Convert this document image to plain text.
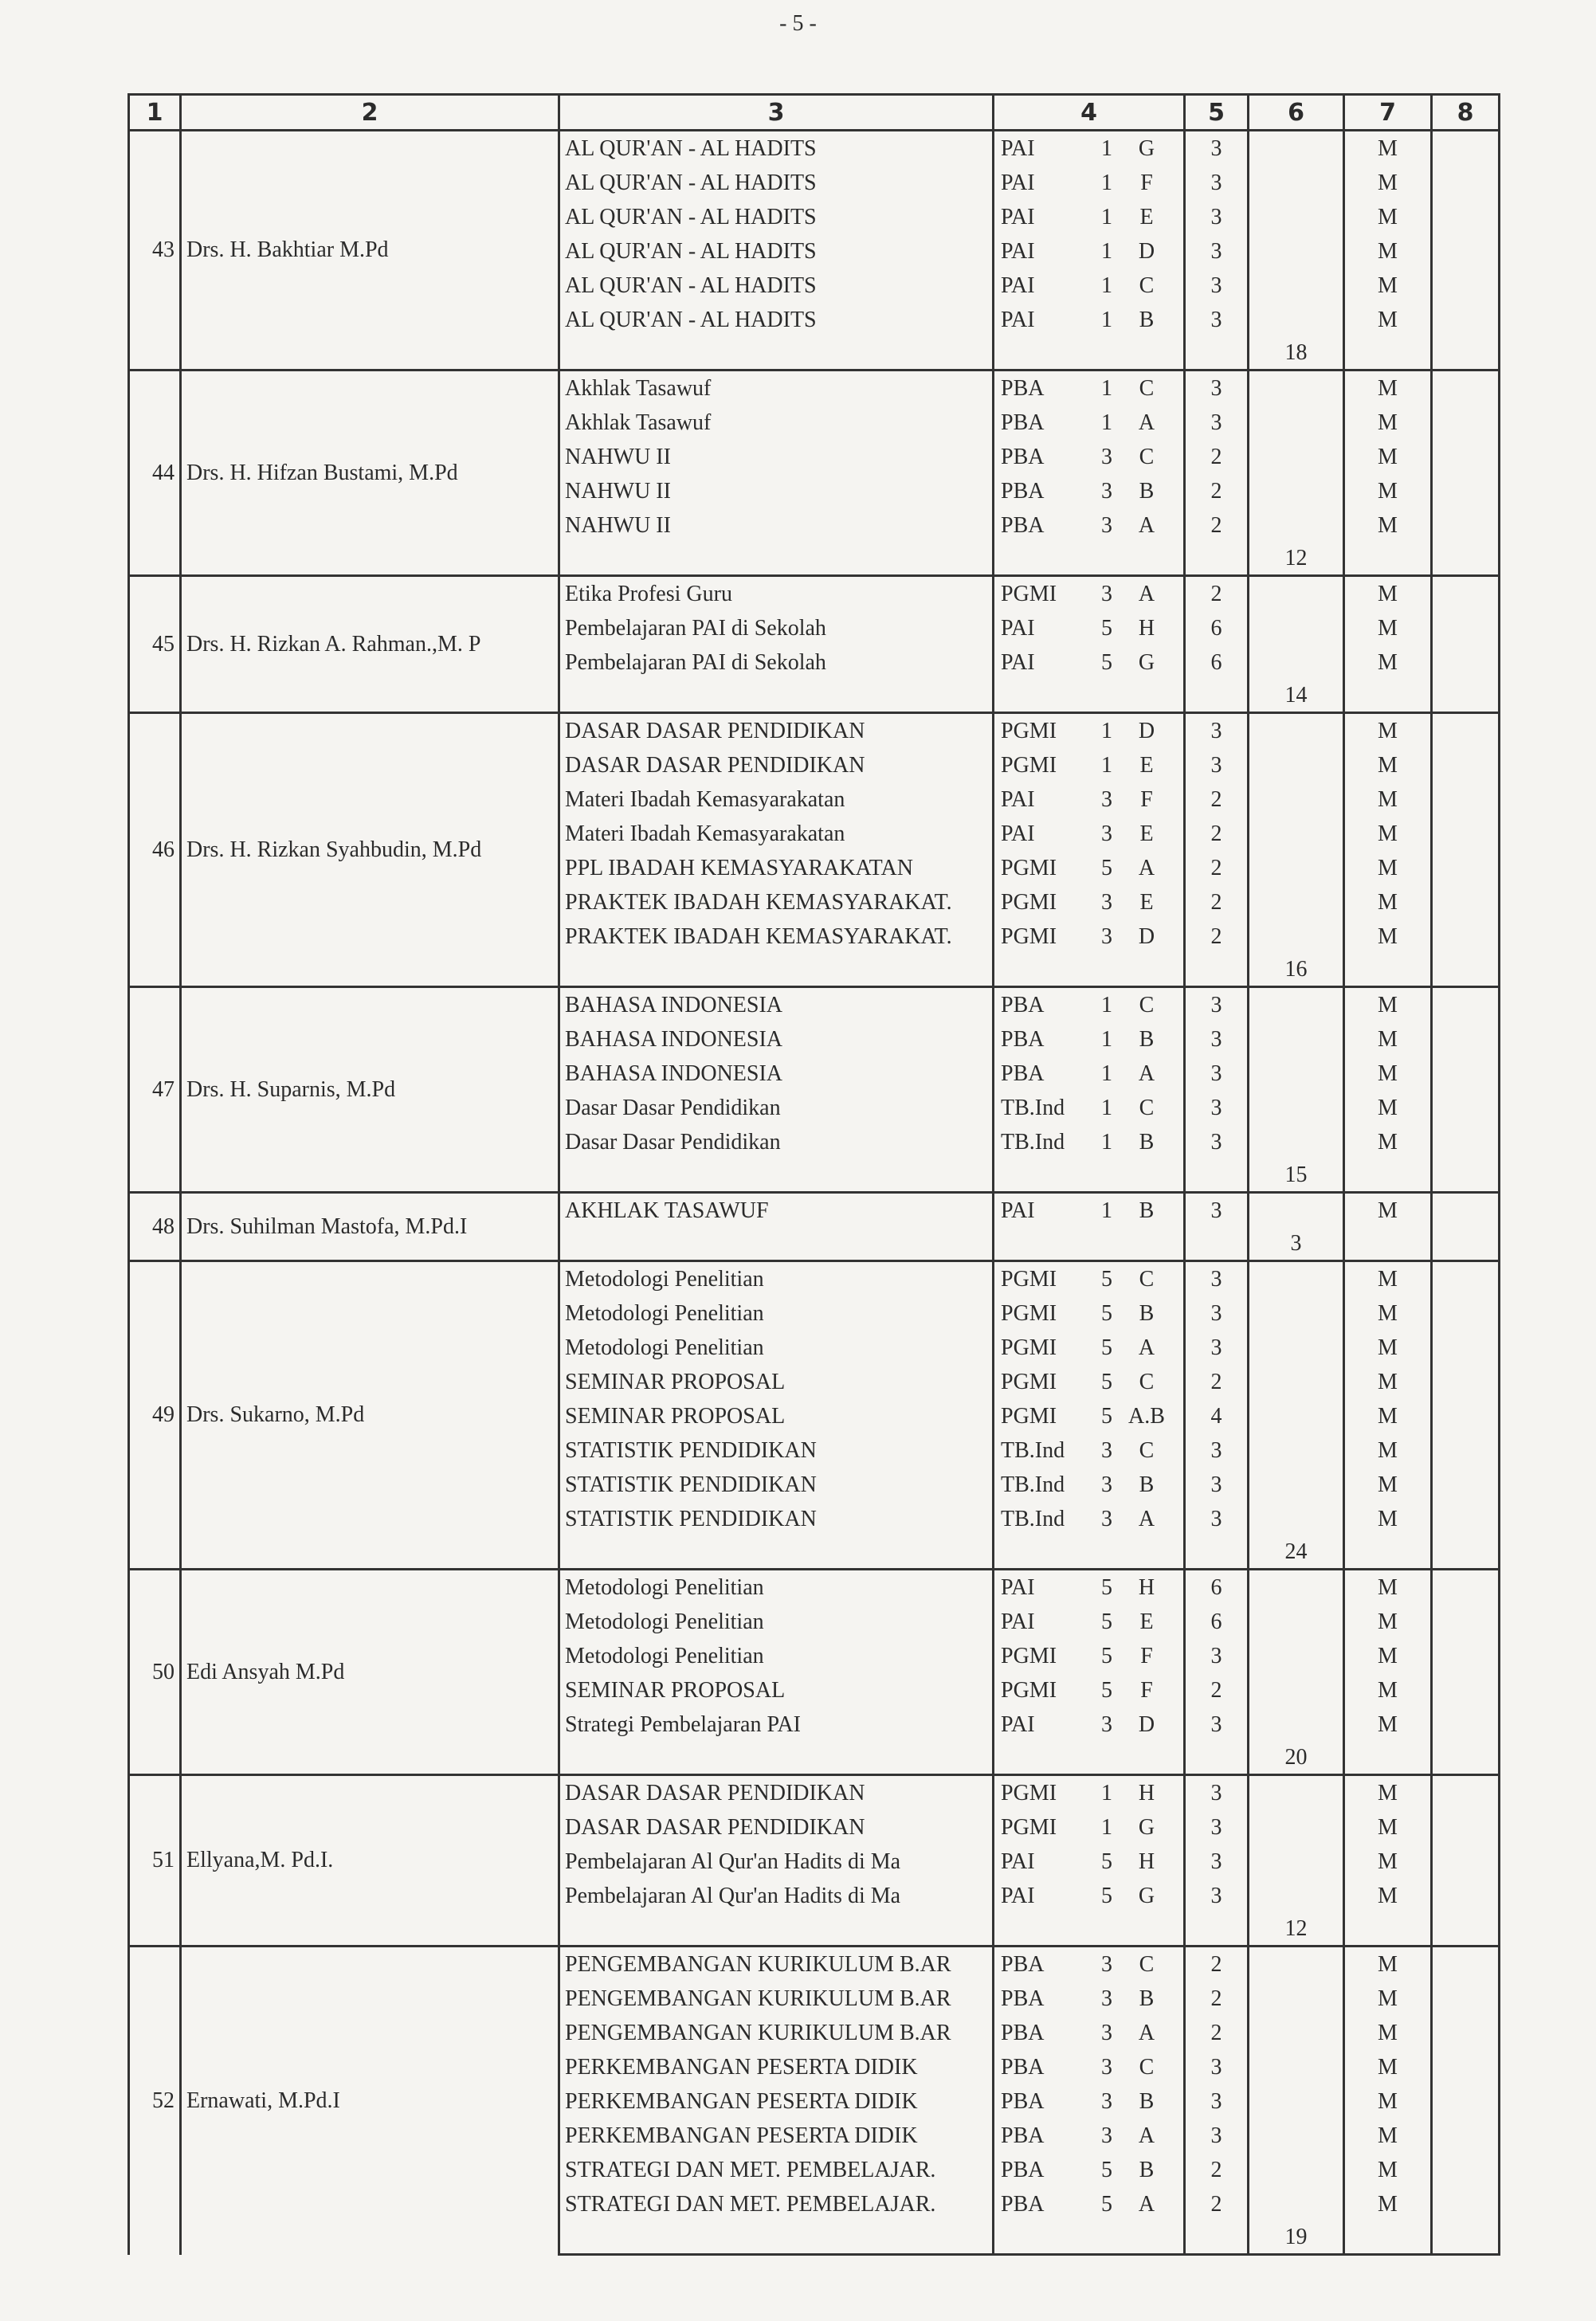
- 5 -
1	2	3	4	5	6	7	8
43	Drs. H. Bakhtiar M.Pd	AL QUR'AN - AL HADITS	PAI 1 G	3		M	
		AL QUR'AN - AL HADITS	PAI 1 F	3		M	
		AL QUR'AN - AL HADITS	PAI 1 E	3		M	
		AL QUR'AN - AL HADITS	PAI 1 D	3		M	
		AL QUR'AN - AL HADITS	PAI 1 C	3		M	
		AL QUR'AN - AL HADITS	PAI 1 B	3		M	
					18		
44	Drs. H. Hifzan Bustami, M.Pd	Akhlak Tasawuf	PBA 1 C	3		M	
		Akhlak Tasawuf	PBA 1 A	3		M	
		NAHWU II	PBA 3 C	2		M	
		NAHWU II	PBA 3 B	2		M	
		NAHWU II	PBA 3 A	2		M	
					12		
45	Drs. H. Rizkan A. Rahman.,M. P	Etika Profesi Guru	PGMI 3 A	2		M	
		Pembelajaran PAI di Sekolah	PAI 5 H	6		M	
		Pembelajaran PAI di Sekolah	PAI 5 G	6		M	
					14		
46	Drs. H. Rizkan Syahbudin, M.Pd	DASAR DASAR PENDIDIKAN	PGMI 1 D	3		M	
		DASAR DASAR PENDIDIKAN	PGMI 1 E	3		M	
		Materi Ibadah Kemasyarakatan	PAI 3 F	2		M	
		Materi Ibadah Kemasyarakatan	PAI 3 E	2		M	
		PPL IBADAH KEMASYARAKATAN	PGMI 5 A	2		M	
		PRAKTEK IBADAH KEMASYARAKAT.	PGMI 3 E	2		M	
		PRAKTEK IBADAH KEMASYARAKAT.	PGMI 3 D	2		M	
					16		
47	Drs. H. Suparnis, M.Pd	BAHASA INDONESIA	PBA 1 C	3		M	
		BAHASA INDONESIA	PBA 1 B	3		M	
		BAHASA INDONESIA	PBA 1 A	3		M	
		Dasar Dasar Pendidikan	TB.Ind 1 C	3		M	
		Dasar Dasar Pendidikan	TB.Ind 1 B	3		M	
					15		
48	Drs. Suhilman Mastofa, M.Pd.I	AKHLAK TASAWUF	PAI 1 B	3		M	
					3		
49	Drs. Sukarno, M.Pd	Metodologi Penelitian	PGMI 5 C	3		M	
		Metodologi Penelitian	PGMI 5 B	3		M	
		Metodologi Penelitian	PGMI 5 A	3		M	
		SEMINAR PROPOSAL	PGMI 5 C	2		M	
		SEMINAR PROPOSAL	PGMI 5 A.B	4		M	
		STATISTIK PENDIDIKAN	TB.Ind 3 C	3		M	
		STATISTIK PENDIDIKAN	TB.Ind 3 B	3		M	
		STATISTIK PENDIDIKAN	TB.Ind 3 A	3		M	
					24		
50	Edi Ansyah M.Pd	Metodologi Penelitian	PAI 5 H	6		M	
		Metodologi Penelitian	PAI 5 E	6		M	
		Metodologi Penelitian	PGMI 5 F	3		M	
		SEMINAR PROPOSAL	PGMI 5 F	2		M	
		Strategi Pembelajaran PAI	PAI 3 D	3		M	
					20		
51	Ellyana,M. Pd.I.	DASAR DASAR PENDIDIKAN	PGMI 1 H	3		M	
		DASAR DASAR PENDIDIKAN	PGMI 1 G	3		M	
		Pembelajaran Al Qur'an Hadits di Ma	PAI 5 H	3		M	
		Pembelajaran Al Qur'an Hadits di Ma	PAI 5 G	3		M	
					12		
52	Ernawati, M.Pd.I	PENGEMBANGAN KURIKULUM B.AR	PBA 3 C	2		M	
		PENGEMBANGAN KURIKULUM B.AR	PBA 3 B	2		M	
		PENGEMBANGAN KURIKULUM B.AR	PBA 3 A	2		M	
		PERKEMBANGAN PESERTA DIDIK	PBA 3 C	3		M	
		PERKEMBANGAN PESERTA DIDIK	PBA 3 B	3		M	
		PERKEMBANGAN PESERTA DIDIK	PBA 3 A	3		M	
		STRATEGI DAN MET. PEMBELAJAR.	PBA 5 B	2		M	
		STRATEGI DAN MET. PEMBELAJAR.	PBA 5 A	2		M	
					19		
